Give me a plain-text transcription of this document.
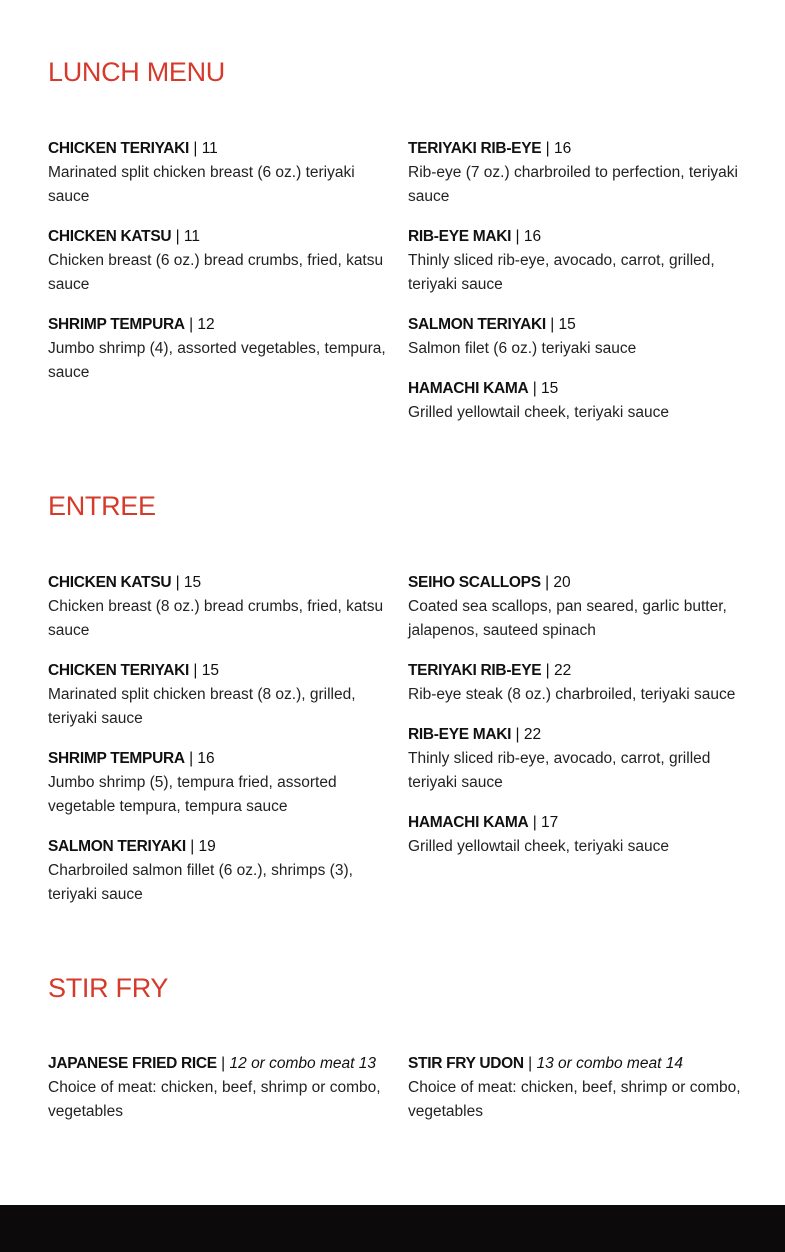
LUNCH MENU
CHICKEN TERIYAKI | 11
Marinated split chicken breast (6 oz.) teriyaki sauce
CHICKEN KATSU | 11
Chicken breast (6 oz.) bread crumbs, fried, katsu sauce
SHRIMP TEMPURA | 12
Jumbo shrimp (4), assorted vegetables, tempura, sauce
TERIYAKI RIB-EYE | 16
Rib-eye (7 oz.) charbroiled to perfection, teriyaki sauce
RIB-EYE MAKI | 16
Thinly sliced rib-eye, avocado, carrot, grilled, teriyaki sauce
SALMON TERIYAKI | 15
Salmon filet (6 oz.) teriyaki sauce
HAMACHI KAMA | 15
Grilled yellowtail cheek, teriyaki sauce
ENTREE
CHICKEN KATSU | 15
Chicken breast (8 oz.) bread crumbs, fried, katsu sauce
CHICKEN TERIYAKI | 15
Marinated split chicken breast (8 oz.), grilled, teriyaki sauce
SHRIMP TEMPURA | 16
Jumbo shrimp (5), tempura fried, assorted vegetable tempura, tempura sauce
SALMON TERIYAKI | 19
Charbroiled salmon fillet (6 oz.), shrimps (3), teriyaki sauce
SEIHO SCALLOPS | 20
Coated sea scallops, pan seared, garlic butter, jalapenos, sauteed spinach
TERIYAKI RIB-EYE | 22
Rib-eye steak (8 oz.) charbroiled, teriyaki sauce
RIB-EYE MAKI | 22
Thinly sliced rib-eye, avocado, carrot, grilled teriyaki sauce
HAMACHI KAMA | 17
Grilled yellowtail cheek, teriyaki sauce
STIR FRY
JAPANESE FRIED RICE | 12 or combo meat 13
Choice of meat: chicken, beef, shrimp or combo, vegetables
STIR FRY UDON | 13 or combo meat 14
Choice of meat: chicken, beef, shrimp or combo, vegetables
